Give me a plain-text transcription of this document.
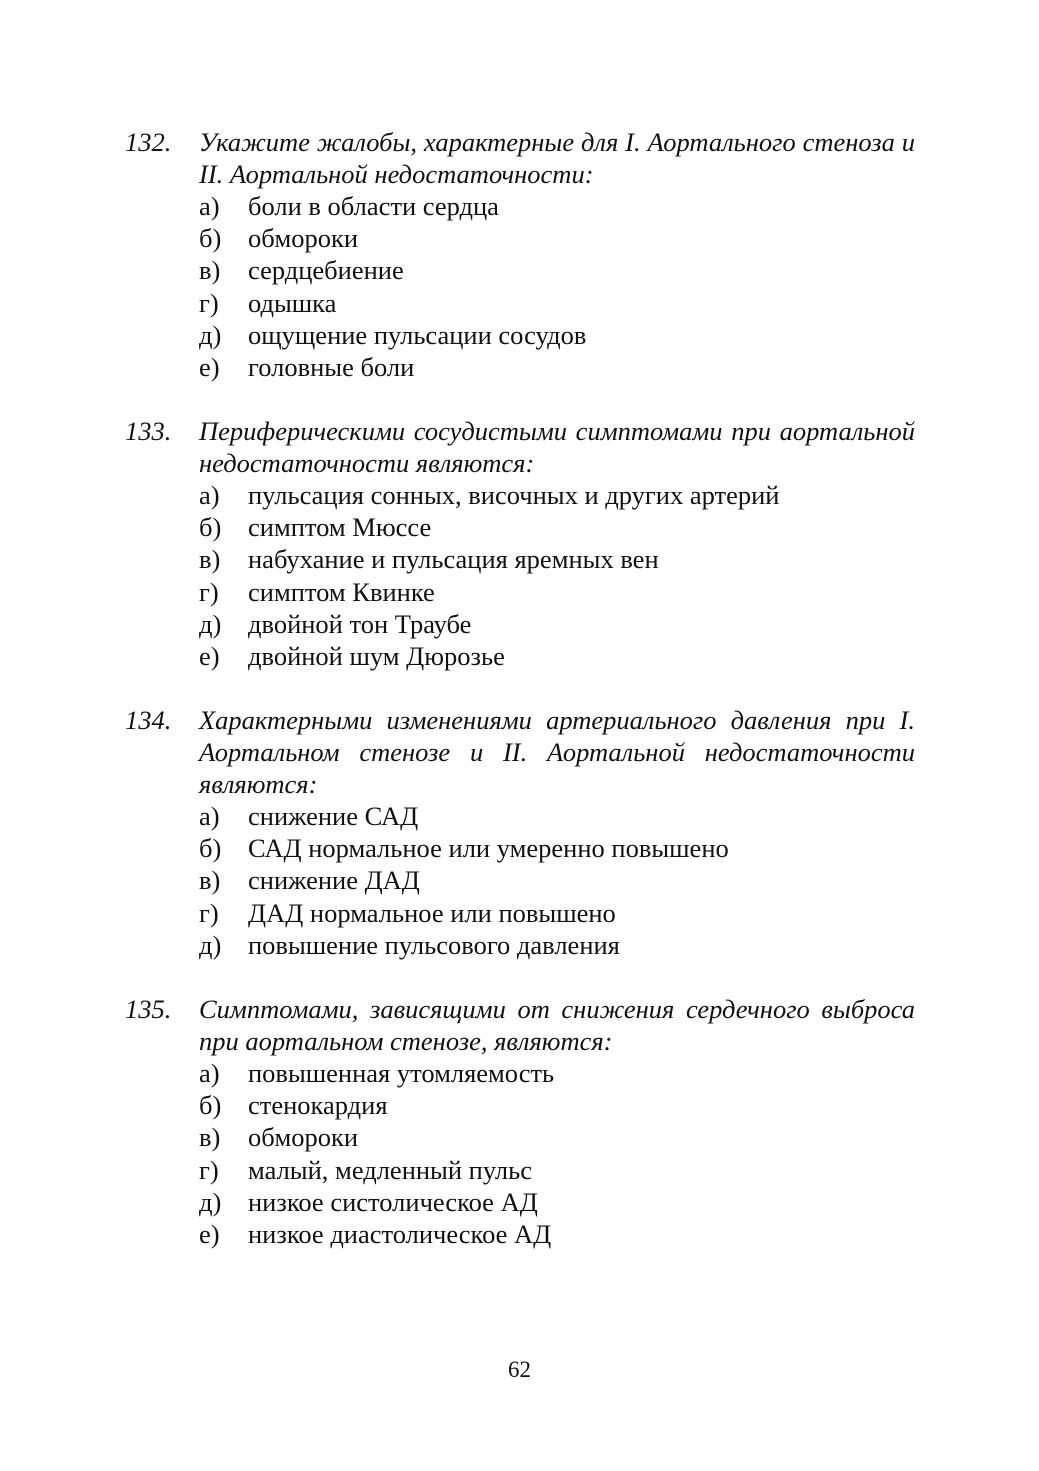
132. Укажите жалобы, характерные для I. Аортального стеноза и II. Аортальной недостаточности:
а) боли в области сердца
б) обмороки
в) сердцебиение
г) одышка
д) ощущение пульсации сосудов
е) головные боли
133. Периферическими сосудистыми симптомами при аортальной недостаточности являются:
а) пульсация сонных, височных и других артерий
б) симптом Мюссе
в) набухание и пульсация яремных вен
г) симптом Квинке
д) двойной тон Траубе
е) двойной шум Дюрозье
134. Характерными изменениями артериального давления при I. Аортальном стенозе и II. Аортальной недостаточности являются:
а) снижение САД
б) САД нормальное или умеренно повышено
в) снижение ДАД
г) ДАД нормальное или повышено
д) повышение пульсового давления
135. Симптомами, зависящими от снижения сердечного выброса при аортальном стенозе, являются:
а) повышенная утомляемость
б) стенокардия
в) обмороки
г) малый, медленный пульс
д) низкое систолическое АД
е) низкое диастолическое АД
62
